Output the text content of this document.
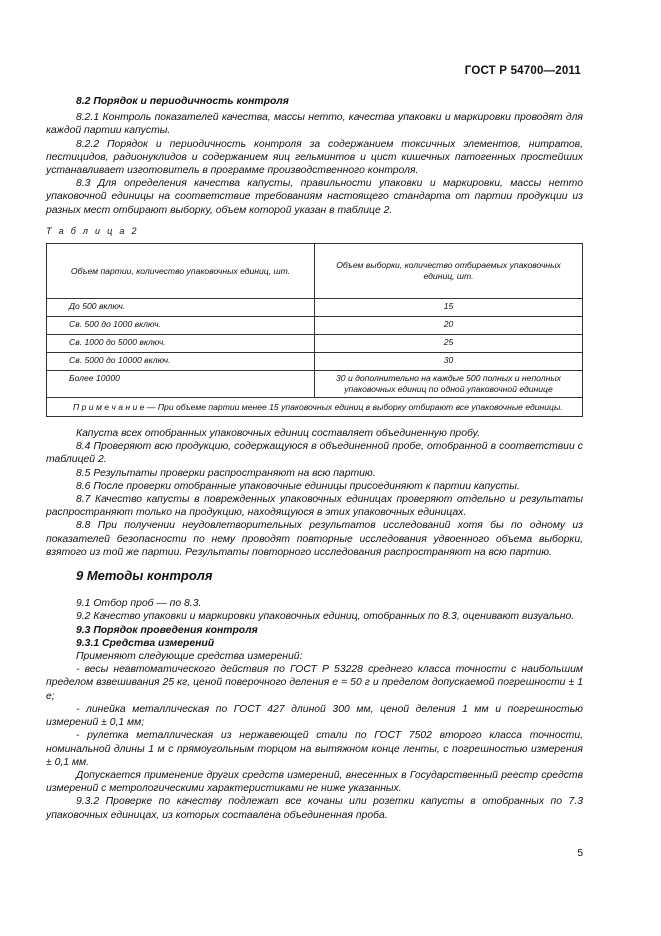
ГОСТ Р 54700—2011

8.2 Порядок и периодичность контроля

8.2.1 Контроль показателей качества, массы нетто, качества упаковки и маркировки проводят для каждой партии капусты.

8.2.2 Порядок и периодичность контроля за содержанием токсичных элементов, нитратов, пестицидов, радионуклидов и содержанием яиц гельминтов и цист кишечных патогенных простейших устанавливает изготовитель в программе производственного контроля.

8.3 Для определения качества капусты, правильности упаковки и маркировки, массы нетто упаковочной единицы на соответствие требованиям настоящего стандарта от партии продукции из разных мест отбирают выборку, объем которой указан в таблице 2.

Т а б л и ц а 2

Объем партии, количество упаковочных единиц, шт.	Объем выборки, количество отбираемых упаковочных единиц, шт.
До 500 включ.	15
Св. 500 до 1000 включ.	20
Св. 1000 до 5000 включ.	25
Св. 5000 до 10000 включ.	30
Более 10000	30 и дополнительно на каждые 500 полных и неполных упаковочных единиц по одной упаковочной единице
П р и м е ч а н и е — При объеме партии менее 15 упаковочных единиц в выборку отбирают все упаковочные единицы.	

Капуста всех отобранных упаковочных единиц составляет объединенную пробу.

8.4 Проверяют всю продукцию, содержащуюся в объединенной пробе, отобранной в соответствии с таблицей 2.

8.5 Результаты проверки распространяют на всю партию.

8.6 После проверки отобранные упаковочные единицы присоединяют к партии капусты.

8.7 Качество капусты в поврежденных упаковочных единицах проверяют отдельно и результаты распространяют только на продукцию, находящуюся в этих упаковочных единицах.

8.8 При получении неудовлетворительных результатов исследований хотя бы по одному из показателей безопасности по нему проводят повторные исследования удвоенного объема выборки, взятого из той же партии. Результаты повторного исследования распространяют на всю партию.

9 Методы контроля

9.1 Отбор проб — по 8.3.

9.2 Качество упаковки и маркировки упаковочных единиц, отобранных по 8.3, оценивают визуально.

9.3 Порядок проведения контроля

9.3.1 Средства измерений

Применяют следующие средства измерений:

- весы неавтоматического действия по ГОСТ Р 53228 среднего класса точности с наибольшим пределом взвешивания 25 кг, ценой поверочного деления е = 50 г и пределом допускаемой погрешности ± 1 е;

- линейка металлическая по ГОСТ 427 длиной 300 мм, ценой деления 1 мм и погрешностью измерений ± 0,1 мм;

- рулетка металлическая из нержавеющей стали по ГОСТ 7502 второго класса точности, номинальной длины 1 м с прямоугольным торцом на вытяжном конце ленты, с погрешностью измерения ± 0,1 мм.

Допускается применение других средств измерений, внесенных в Государственный реестр средств измерений с метрологическими характеристиками не ниже указанных.

9.3.2 Проверке по качеству подлежат все кочаны или розетки капусты в отобранных по 7.3 упаковочных единицах, из которых составлена объединенная проба.

5
